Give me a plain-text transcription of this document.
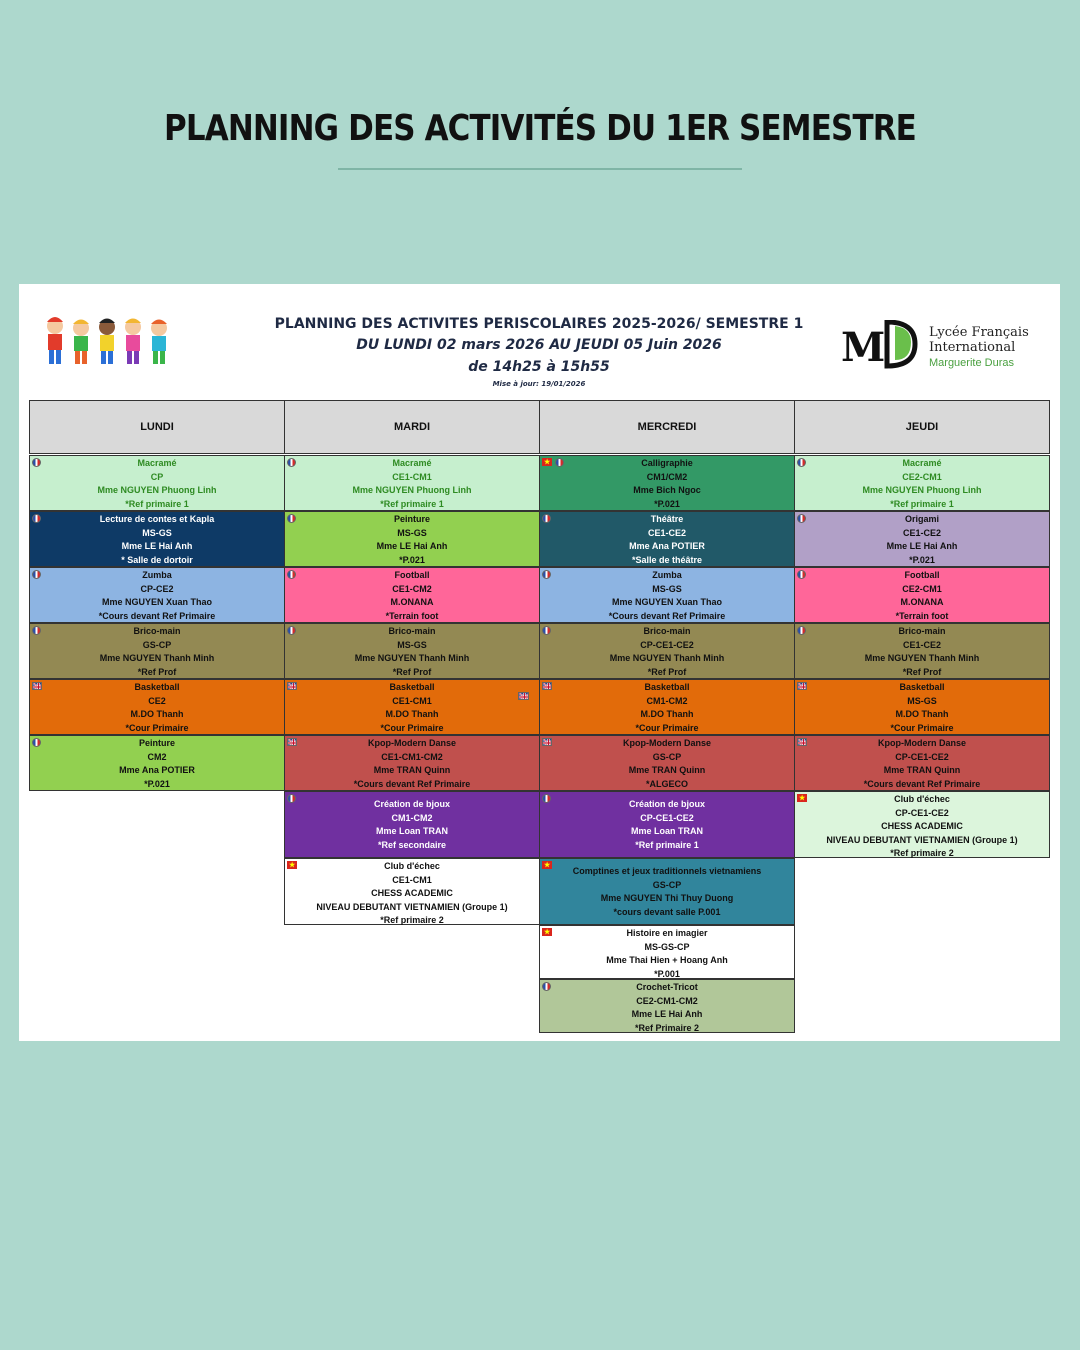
PLANNING DES ACTIVITÉS DU 1ER SEMESTRE
PLANNING DES ACTIVITES PERISCOLAIRES 2025-2026/ SEMESTRE 1
DU LUNDI 02 mars 2026 AU JEUDI 05 Juin 2026
de 14h25 à 15h55
Mise à jour: 19/01/2026
M	Lycée Français
International
Marguerite Duras
LUNDI
Macramé
CP
Mme NGUYEN Phuong Linh
*Ref primaire 1
Lecture de contes et Kapla
MS-GS
Mme LE Hai Anh
* Salle de dortoir
Zumba
CP-CE2
Mme NGUYEN Xuan Thao
*Cours devant Ref Primaire
Brico-main
GS-CP
Mme NGUYEN Thanh Minh
*Ref Prof
Basketball
CE2
M.DO Thanh
*Cour Primaire
Peinture
CM2
Mme Ana POTIER
*P.021
MARDI
Macramé
CE1-CM1
Mme NGUYEN Phuong Linh
*Ref primaire 1
Peinture
MS-GS
Mme LE Hai Anh
*P.021
Football
CE1-CM2
M.ONANA
*Terrain foot
Brico-main
MS-GS
Mme NGUYEN Thanh Minh
*Ref Prof
Basketball
CE1-CM1
M.DO Thanh
*Cour Primaire
Kpop-Modern Danse
CE1-CM1-CM2
Mme TRAN Quinn
*Cours devant Ref Primaire
Création de bjoux
CM1-CM2
Mme Loan TRAN
*Ref secondaire
Club d'échec
CE1-CM1
CHESS ACADEMIC
NIVEAU DEBUTANT VIETNAMIEN (Groupe 1)
*Ref primaire 2
★
MERCREDI
Calligraphie
CM1/CM2
Mme Bich Ngoc
*P.021
★
Théâtre
CE1-CE2
Mme Ana POTIER
*Salle de théâtre
Zumba
MS-GS
Mme NGUYEN Xuan Thao
*Cours devant Ref Primaire
Brico-main
CP-CE1-CE2
Mme NGUYEN Thanh Minh
*Ref Prof
Basketball
CM1-CM2
M.DO Thanh
*Cour Primaire
Kpop-Modern Danse
GS-CP
Mme TRAN Quinn
*ALGECO
Création de bjoux
CP-CE1-CE2
Mme Loan TRAN
*Ref primaire 1
Comptines et jeux traditionnels vietnamiens
GS-CP
Mme NGUYEN Thi Thuy Duong
*cours devant salle P.001
★
Histoire en imagier
MS-GS-CP
Mme Thai Hien + Hoang Anh
*P.001
★
Crochet-Tricot
CE2-CM1-CM2
Mme LE Hai Anh
*Ref Primaire 2
JEUDI
Macramé
CE2-CM1
Mme NGUYEN Phuong Linh
*Ref primaire 1
Origami
CE1-CE2
Mme LE Hai Anh
*P.021
Football
CE2-CM1
M.ONANA
*Terrain foot
Brico-main
CE1-CE2
Mme NGUYEN Thanh Minh
*Ref Prof
Basketball
MS-GS
M.DO Thanh
*Cour Primaire
Kpop-Modern Danse
CP-CE1-CE2
Mme TRAN Quinn
*Cours devant Ref Primaire
Club d'échec
CP-CE1-CE2
CHESS ACADEMIC
NIVEAU DEBUTANT VIETNAMIEN (Groupe 1)
*Ref primaire 2
★
